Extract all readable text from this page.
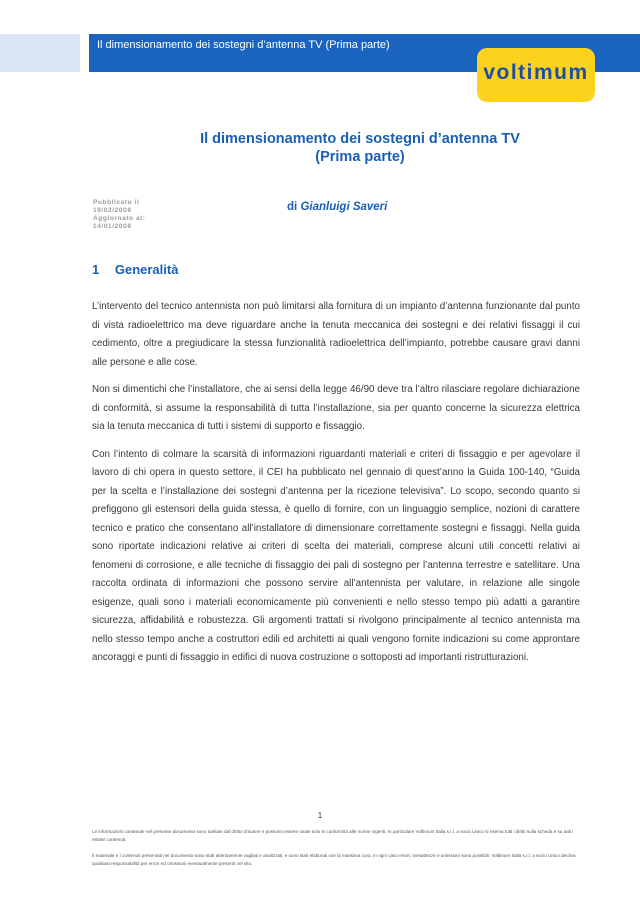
Il dimensionamento dei sostegni d’antenna TV (Prima parte)
voltimum
Il dimensionamento dei sostegni d’antenna TV
(Prima parte)
Pubblicato il
19/02/2008
Aggiornato al:
14/01/2008
di Gianluigi Saveri
1 Generalità

L’intervento del tecnico antennista non può limitarsi alla fornitura di un impianto d’antenna funzionante dal punto di vista radioelettrico ma deve riguardare anche la tenuta meccanica dei sostegni e dei relativi fissaggi il cui cedimento, oltre a pregiudicare la stessa funzionalità radioelettrica dell’impianto, potrebbe causare gravi danni alle persone e alle cose.

Non si dimentichi che l’installatore, che ai sensi della legge 46/90 deve tra l’altro rilasciare regolare dichiarazione di conformità, si assume la responsabilità di tutta l’installazione, sia per quanto concerne la sicurezza elettrica sia la tenuta meccanica di tutti i sistemi di supporto e fissaggio.

Con l’intento di colmare la scarsità di informazioni riguardanti materiali e criteri di fissaggio e per agevolare il lavoro di chi opera in questo settore, il CEI ha pubblicato nel gennaio di quest’anno la Guida 100-140, “Guida per la scelta e l’installazione dei sostegni d’antenna per la ricezione televisiva”. Lo scopo, secondo quanto si prefiggono gli estensori della guida stessa, è quello di fornire, con un linguaggio semplice, nozioni di carattere tecnico e pratico che consentano all’installatore di dimensionare correttamente sostegni e fissaggi. Nella guida sono riportate indicazioni relative ai criteri di scelta dei materiali, comprese alcuni utili concetti relativi ai fenomeni di corrosione, e alle tecniche di fissaggio dei pali di sostegno per l’antenna terrestre e satellitare. Una raccolta ordinata di informazioni che possono servire all’antennista per valutare, in relazione alle singole esigenze, quali sono i materiali economicamente più convenienti e nello stesso tempo più adatti a garantire sicurezza, affidabilità e robustezza. Gli argomenti trattati si rivolgono principalmente al tecnico antennista ma nello stesso tempo anche a costruttori edili ed architetti ai quali vengono fornite indicazioni su come approntare ancoraggi e punti di fissaggio in edifici di nuova costruzione o sottoposti ad importanti ristrutturazioni.

1
Le informazioni contenute nel presente documento sono tutelate dal diritto d’autore e possono essere usate solo in conformità alle norme vigenti. In particolare Voltimum Italia s.r.l. a socio Unico si riserva tutti i diritti sulla scheda e su tutti i relativi contenuti.
Il materiale e i contenuti presentati nel documento sono stati attentamente vagliati e analizzati, e sono stati elaborati con la massima cura. In ogni caso errori, inesattezze e omissioni sono possibili. Voltimum Italia s.r.l. a socio Unico declina qualsiasi responsabilità per errori ed omissioni eventualmente presenti nel sito.
